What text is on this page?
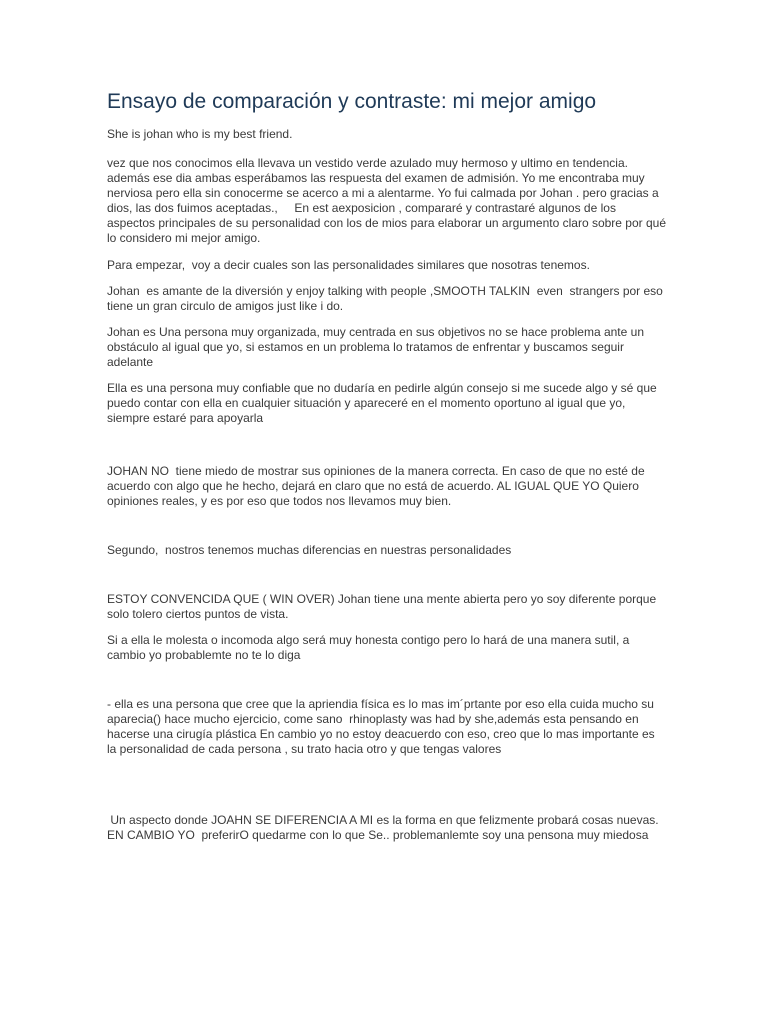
Ensayo de comparación y contraste: mi mejor amigo

She is johan who is my best friend.

vez que nos conocimos ella llevava un vestido verde azulado muy hermoso y ultimo en tendencia. además ese dia ambas esperábamos las respuesta del examen de admisión. Yo me encontraba muy nerviosa pero ella sin conocerme se acerco a mi a alentarme. Yo fui calmada por Johan . pero gracias a dios, las dos fuimos aceptadas.,     En est aexposicion , compararé y contrastaré algunos de los aspectos principales de su personalidad con los de mios para elaborar un argumento claro sobre por qué lo considero mi mejor amigo.

Para empezar,  voy a decir cuales son las personalidades similares que nosotras tenemos.

Johan  es amante de la diversión y enjoy talking with people ,SMOOTH TALKIN  even  strangers por eso tiene un gran circulo de amigos just like i do.

Johan es Una persona muy organizada, muy centrada en sus objetivos no se hace problema ante un obstáculo al igual que yo, si estamos en un problema lo tratamos de enfrentar y buscamos seguir adelante

Ella es una persona muy confiable que no dudaría en pedirle algún consejo si me sucede algo y sé que puedo contar con ella en cualquier situación y apareceré en el momento oportuno al igual que yo, siempre estaré para apoyarla

JOHAN NO  tiene miedo de mostrar sus opiniones de la manera correcta. En caso de que no esté de acuerdo con algo que he hecho, dejará en claro que no está de acuerdo. AL IGUAL QUE YO Quiero opiniones reales, y es por eso que todos nos llevamos muy bien.

Segundo,  nostros tenemos muchas diferencias en nuestras personalidades

ESTOY CONVENCIDA QUE ( WIN OVER) Johan tiene una mente abierta pero yo soy diferente porque solo tolero ciertos puntos de vista.

Si a ella le molesta o incomoda algo será muy honesta contigo pero lo hará de una manera sutil, a cambio yo probablemte no te lo diga

- ella es una persona que cree que la apriendia física es lo mas im´prtante por eso ella cuida mucho su aparecia() hace mucho ejercicio, come sano  rhinoplasty was had by she,además esta pensando en hacerse una cirugía plástica En cambio yo no estoy deacuerdo con eso, creo que lo mas importante es la personalidad de cada persona , su trato hacia otro y que tengas valores

Un aspecto donde JOAHN SE DIFERENCIA A MI es la forma en que felizmente probará cosas nuevas. EN CAMBIO YO  preferirO quedarme con lo que Se.. problemanlemte soy una pensona muy miedosa
